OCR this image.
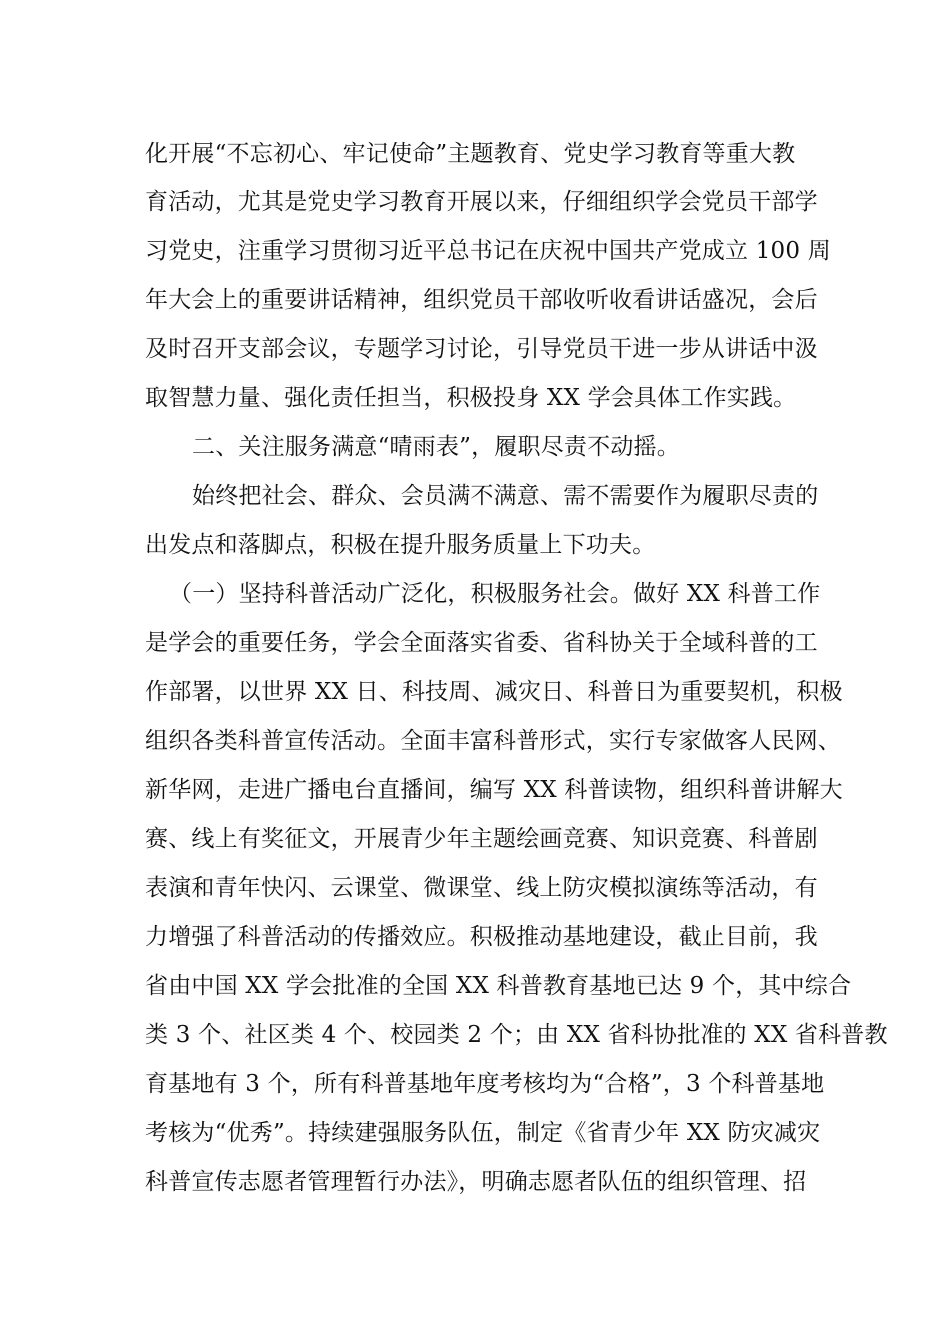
化开展“不忘初心、牢记使命”主题教育、党史学习教育等重大教
育活动，尤其是党史学习教育开展以来，仔细组织学会党员干部学
习党史，注重学习贯彻习近平总书记在庆祝中国共产党成立 100 周
年大会上的重要讲话精神，组织党员干部收听收看讲话盛况，会后
及时召开支部会议，专题学习讨论，引导党员干进一步从讲话中汲
取智慧力量、强化责任担当，积极投身 XX 学会具体工作实践。
二、关注服务满意“晴雨表”，履职尽责不动摇。
始终把社会、群众、会员满不满意、需不需要作为履职尽责的
出发点和落脚点，积极在提升服务质量上下功夫。
（一）坚持科普活动广泛化，积极服务社会。做好 XX 科普工作
是学会的重要任务，学会全面落实省委、省科协关于全域科普的工
作部署，以世界 XX 日、科技周、减灾日、科普日为重要契机，积极
组织各类科普宣传活动。全面丰富科普形式，实行专家做客人民网、
新华网，走进广播电台直播间，编写 XX 科普读物，组织科普讲解大
赛、线上有奖征文，开展青少年主题绘画竞赛、知识竞赛、科普剧
表演和青年快闪、云课堂、微课堂、线上防灾模拟演练等活动，有
力增强了科普活动的传播效应。积极推动基地建设，截止目前，我
省由中国 XX 学会批准的全国 XX 科普教育基地已达 9 个，其中综合
类 3 个、社区类 4 个、校园类 2 个；由 XX 省科协批准的 XX 省科普教
育基地有 3 个，所有科普基地年度考核均为“合格”，3 个科普基地
考核为“优秀”。持续建强服务队伍，制定《省青少年 XX 防灾减灾
科普宣传志愿者管理暂行办法》，明确志愿者队伍的组织管理、招
